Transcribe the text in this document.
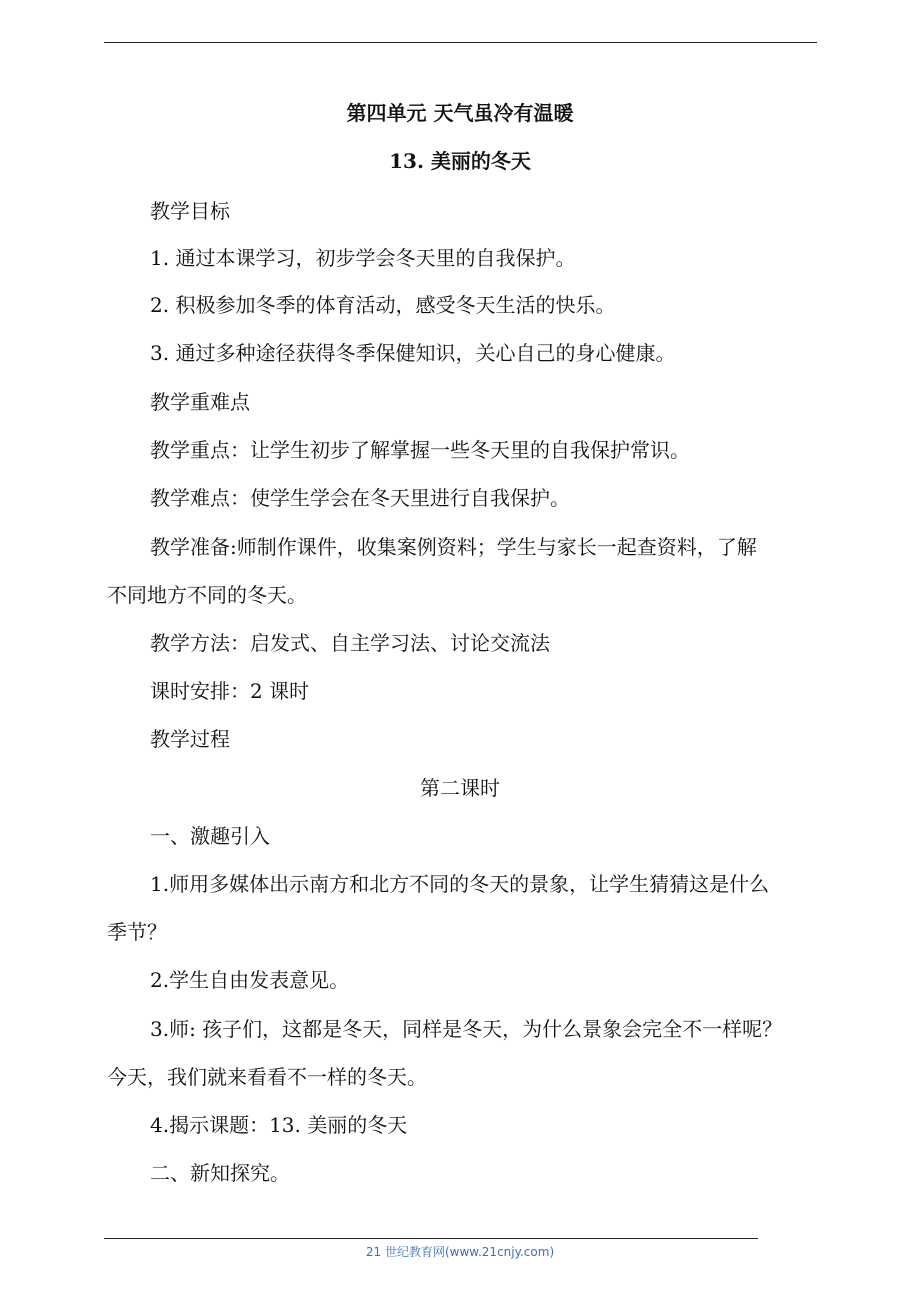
第四单元 天气虽冷有温暖
13. 美丽的冬天
教学目标
1. 通过本课学习，初步学会冬天里的自我保护。
2. 积极参加冬季的体育活动，感受冬天生活的快乐。
3. 通过多种途径获得冬季保健知识，关心自己的身心健康。
教学重难点
教学重点：让学生初步了解掌握一些冬天里的自我保护常识。
教学难点：使学生学会在冬天里进行自我保护。
教学准备:师制作课件，收集案例资料；学生与家长一起查资料，了解
不同地方不同的冬天。
教学方法：启发式、自主学习法、讨论交流法
课时安排：2 课时
教学过程
第二课时
一、激趣引入
1.师用多媒体出示南方和北方不同的冬天的景象，让学生猜猜这是什么
季节？
2.学生自由发表意见。
3.师: 孩子们，这都是冬天，同样是冬天，为什么景象会完全不一样呢？
今天，我们就来看看不一样的冬天。
4.揭示课题：13. 美丽的冬天
二、新知探究。
21 世纪教育网(www.21cnjy.com)
